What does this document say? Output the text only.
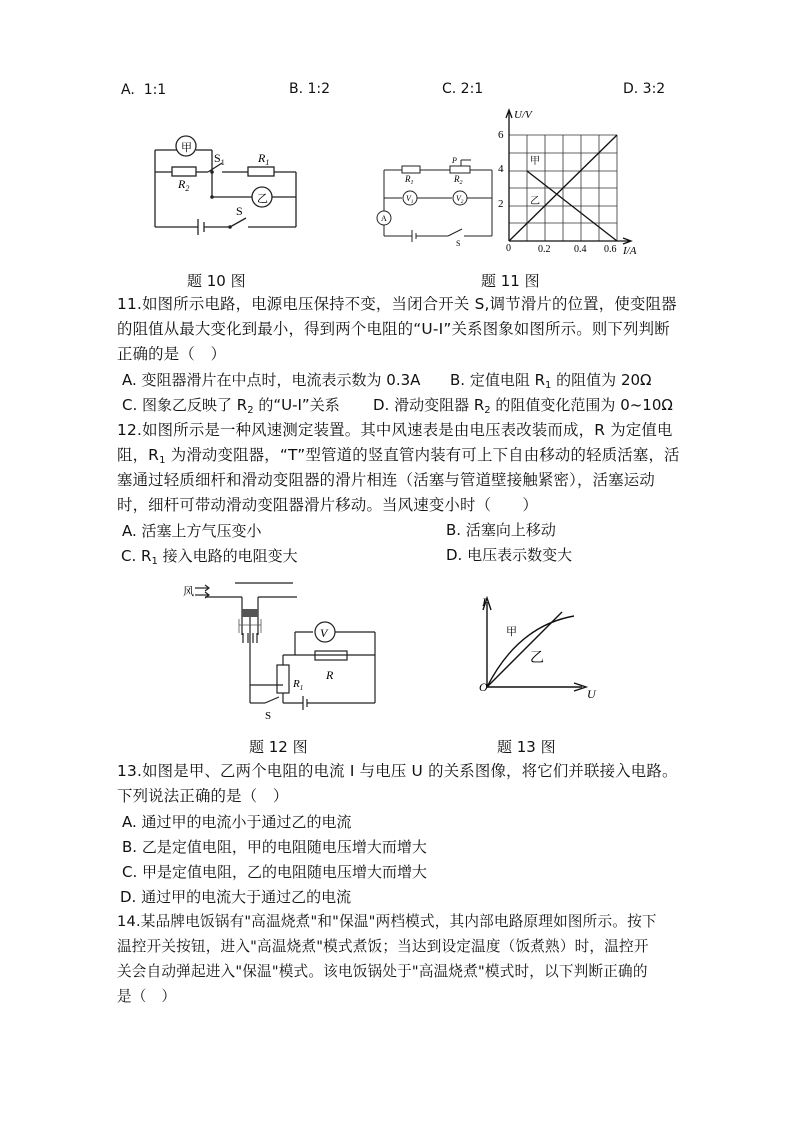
A. 1:1	B. 1:2	C. 2:1	D. 3:2
甲
乙
$S_1$	$R_1$
$R_2$
S
$R_1$	$R_2$
P
$V_1$	$V_2$
A
S
U/V
I/A
0
2
4
6
0.2 0.4 0.6
甲
乙
题 10 图	题 11 图
11.如图所示电路，电源电压保持不变，当闭合开关 S,调节滑片的位置，使变阻器
的阻值从最大变化到最小，得到两个电阻的“U-I”关系图象如图所示。则下列判断
正确的是（　）
A. 变阻器滑片在中点时，电流表示数为 0.3A B. 定值电阻 $R_1$ 的阻值为 20Ω
C. 图象乙反映了 $R_2$ 的“U-I”关系 D. 滑动变阻器 $R_2$ 的阻值变化范围为 0~10Ω
12.如图所示是一种风速测定装置。其中风速表是由电压表改装而成，R 为定值电
阻，$R_1$ 为滑动变阻器，“T”型管道的竖直管内装有可上下自由移动的轻质活塞，活
塞通过轻质细杆和滑动变阻器的滑片相连（活塞与管道壁接触紧密），活塞运动
时，细杆可带动滑动变阻器滑片移动。当风速变小时（　　）
A. 活塞上方气压变小	B. 活塞向上移动
C. $R_1$ 接入电路的电阻变大	D. 电压表示数变大
风
V
R
$R_1$
S
I
U
O
甲
乙
题 12 图	题 13 图
13.如图是甲、乙两个电阻的电流 I 与电压 U 的关系图像，将它们并联接入电路。
下列说法正确的是（　）
A. 通过甲的电流小于通过乙的电流
B. 乙是定值电阻，甲的电阻随电压增大而增大
C. 甲是定值电阻，乙的电阻随电压增大而增大
D. 通过甲的电流大于通过乙的电流
14.某品牌电饭锅有"高温烧煮"和"保温"两档模式，其内部电路原理如图所示。按下
温控开关按钮，进入"高温烧煮"模式煮饭；当达到设定温度（饭煮熟）时，温控开
关会自动弹起进入"保温"模式。该电饭锅处于"高温烧煮"模式时，以下判断正确的
是（　）
